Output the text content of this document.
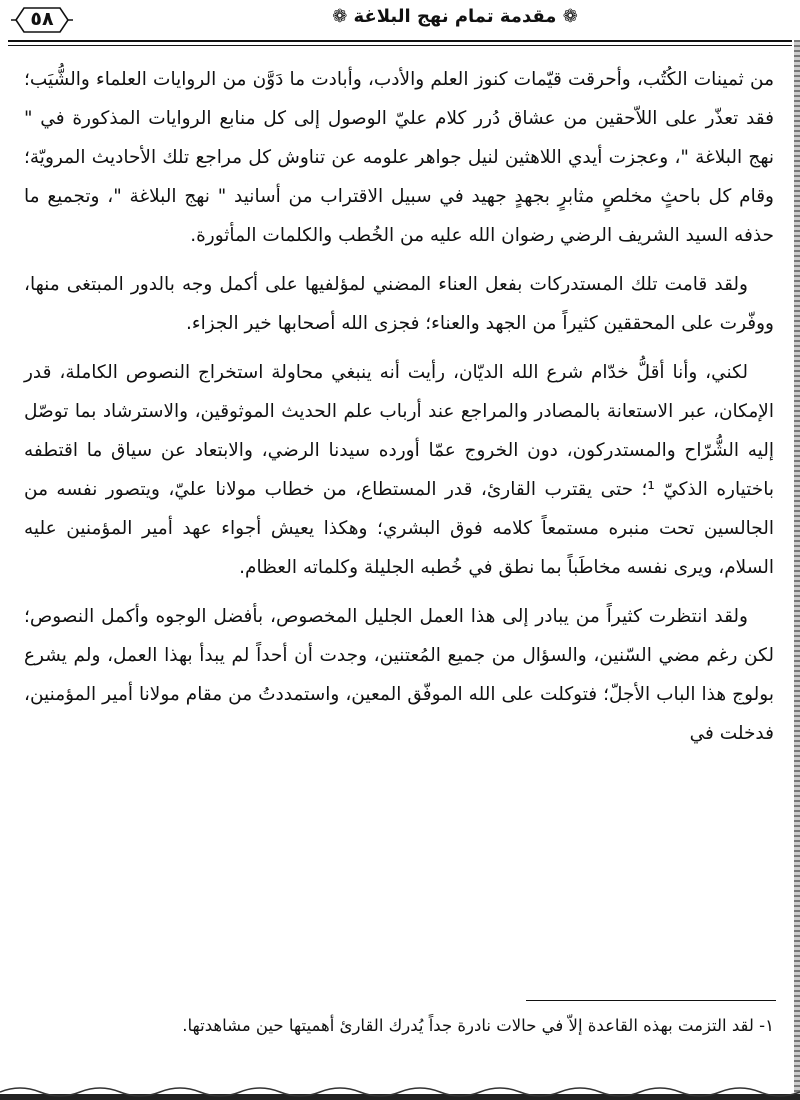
٥٨	❁ مقدمة تمام نهج البلاغة ❁

من ثمينات الكُتُب، وأحرقت قيّمات كنوز العلم والأدب، وأبادت ما دَوَّن من الروايات العلماء والشُّيَب؛ فقد تعذّر على اللاّحقين من عشاق دُرر كلام عليّ الوصول إلى كل منابع الروايات المذكورة في " نهج البلاغة "، وعجزت أيدي اللاهثين لنيل جواهر علومه عن تناوش كل مراجع تلك الأحاديث المرويّة؛ وقام كل باحثٍ مخلصٍ مثابرٍ بجهدٍ جهيد في سبيل الاقتراب من أسانيد " نهج البلاغة "، وتجميع ما حذفه السيد الشريف الرضي رضوان الله عليه من الخُطب والكلمات المأثورة.

ولقد قامت تلك المستدركات بفعل العناء المضني لمؤلفيها على أكمل وجه بالدور المبتغى منها، ووفّرت على المحققين كثيراً من الجهد والعناء؛ فجزى الله أصحابها خير الجزاء.

لكني، وأنا أقلُّ خدّام شرع الله الديّان، رأيت أنه ينبغي محاولة استخراج النصوص الكاملة، قدر الإمكان، عبر الاستعانة بالمصادر والمراجع عند أرباب علم الحديث الموثوقين، والاسترشاد بما توصّل إليه الشُّرّاح والمستدركون، دون الخروج عمّا أورده سيدنا الرضي، والابتعاد عن سياق ما اقتطفه باختياره الذكيّ ¹؛ حتى يقترب القارئ، قدر المستطاع، من خطاب مولانا عليّ، ويتصور نفسه من الجالسين تحت منبره مستمعاً كلامه فوق البشري؛ وهكذا يعيش أجواء عهد أمير المؤمنين عليه السلام، ويرى نفسه مخاطَباً بما نطق في خُطبه الجليلة وكلماته العظام.

ولقد انتظرت كثيراً من يبادر إلى هذا العمل الجليل المخصوص، بأفضل الوجوه وأكمل النصوص؛ لكن رغم مضي السّنين، والسؤال من جميع المُعتنين، وجدت أن أحداً لم يبدأ بهذا العمل، ولم يشرع بولوج هذا الباب الأجلّ؛ فتوكلت على الله الموفّق المعين، واستمددتُ من مقام مولانا أمير المؤمنين، فدخلت في

١- لقد التزمت بهذه القاعدة إلاّ في حالات نادرة جداً يُدرك القارئ أهميتها حين مشاهدتها.
